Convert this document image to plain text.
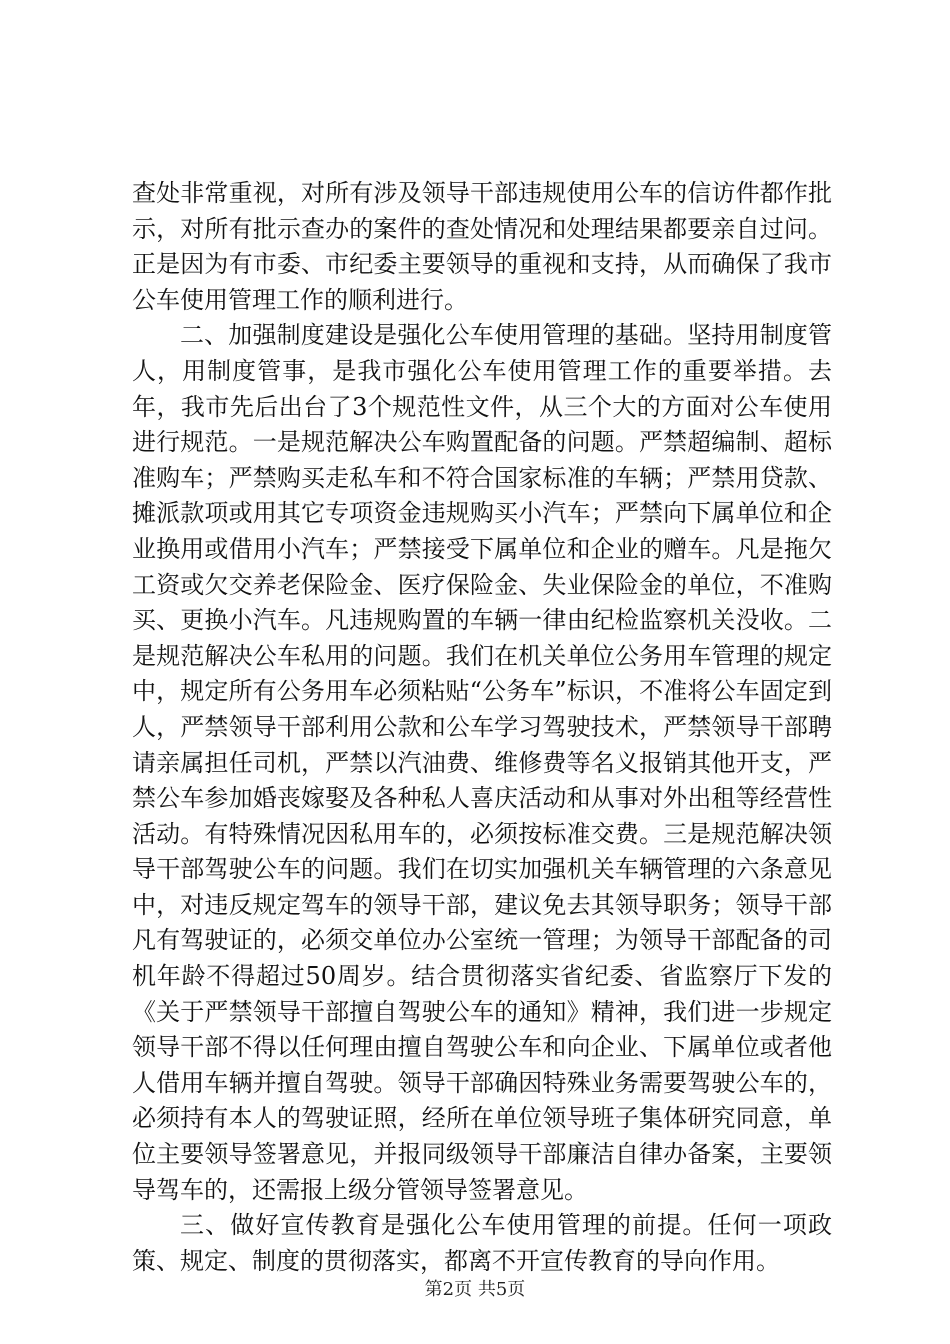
查处非常重视，对所有涉及领导干部违规使用公车的信访件都作批示，对所有批示查办的案件的查处情况和处理结果都要亲自过问。正是因为有市委、市纪委主要领导的重视和支持，从而确保了我市公车使用管理工作的顺利进行。

二、加强制度建设是强化公车使用管理的基础。坚持用制度管人，用制度管事，是我市强化公车使用管理工作的重要举措。去年，我市先后出台了3个规范性文件，从三个大的方面对公车使用进行规范。一是规范解决公车购置配备的问题。严禁超编制、超标准购车；严禁购买走私车和不符合国家标准的车辆；严禁用贷款、摊派款项或用其它专项资金违规购买小汽车；严禁向下属单位和企业换用或借用小汽车；严禁接受下属单位和企业的赠车。凡是拖欠工资或欠交养老保险金、医疗保险金、失业保险金的单位，不准购买、更换小汽车。凡违规购置的车辆一律由纪检监察机关没收。二是规范解决公车私用的问题。我们在机关单位公务用车管理的规定中，规定所有公务用车必须粘贴“公务车”标识，不准将公车固定到人，严禁领导干部利用公款和公车学习驾驶技术，严禁领导干部聘请亲属担任司机，严禁以汽油费、维修费等名义报销其他开支，严禁公车参加婚丧嫁娶及各种私人喜庆活动和从事对外出租等经营性活动。有特殊情况因私用车的，必须按标准交费。三是规范解决领导干部驾驶公车的问题。我们在切实加强机关车辆管理的六条意见中，对违反规定驾车的领导干部，建议免去其领导职务；领导干部凡有驾驶证的，必须交单位办公室统一管理；为领导干部配备的司机年龄不得超过50周岁。结合贯彻落实省纪委、省监察厅下发的《关于严禁领导干部擅自驾驶公车的通知》精神，我们进一步规定领导干部不得以任何理由擅自驾驶公车和向企业、下属单位或者他人借用车辆并擅自驾驶。领导干部确因特殊业务需要驾驶公车的，必须持有本人的驾驶证照，经所在单位领导班子集体研究同意，单位主要领导签署意见，并报同级领导干部廉洁自律办备案，主要领导驾车的，还需报上级分管领导签署意见。

三、做好宣传教育是强化公车使用管理的前提。任何一项政策、规定、制度的贯彻落实，都离不开宣传教育的导向作用。

第2页 共5页
